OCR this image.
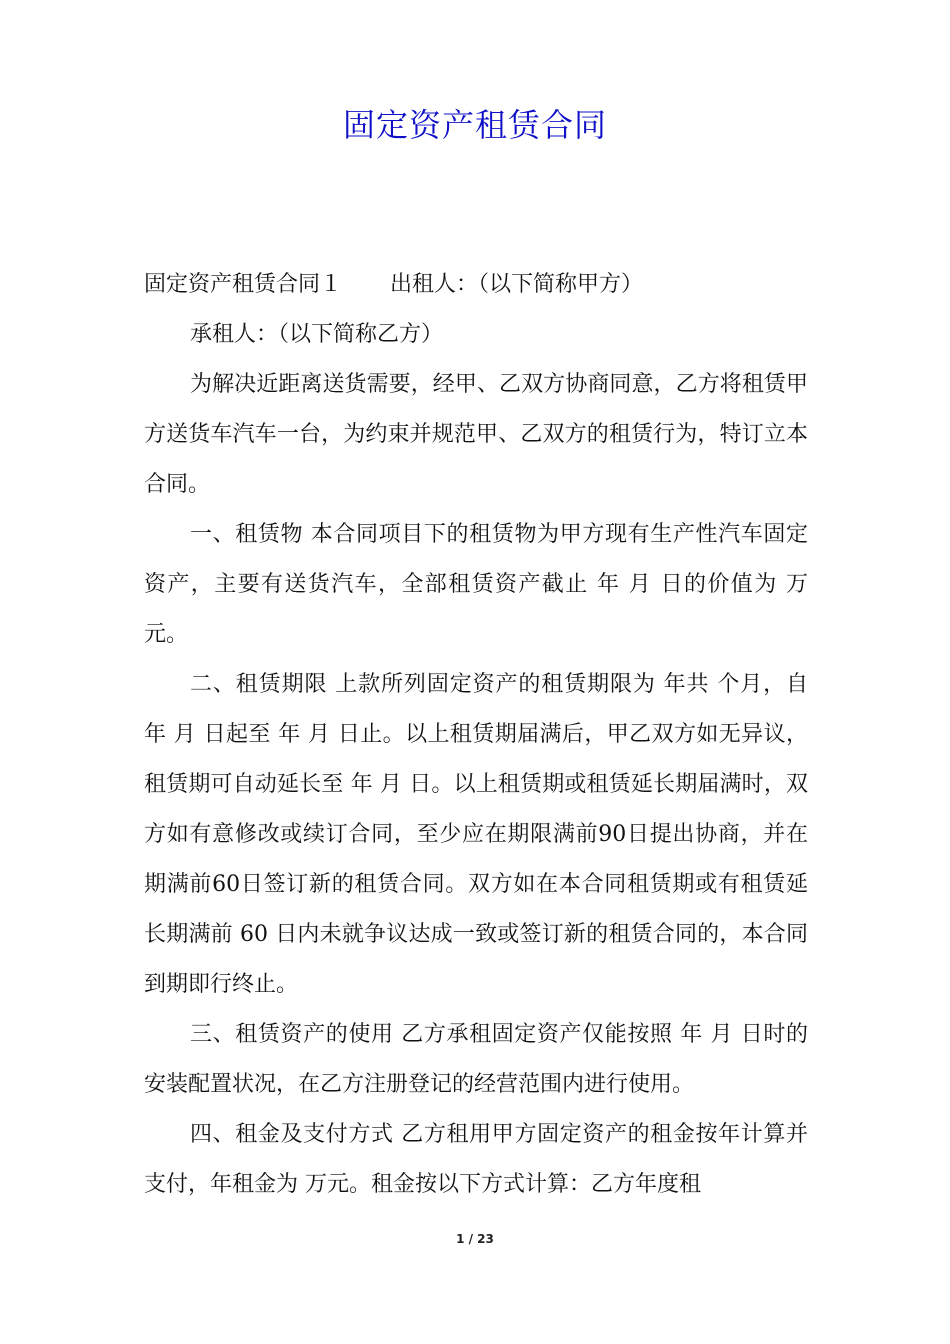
固定资产租赁合同

固定资产租赁合同１ 出租人：（以下简称甲方）

承租人：（以下简称乙方）

为解决近距离送货需要，经甲、乙双方协商同意，乙方将租赁甲方送货车汽车一台，为约束并规范甲、乙双方的租赁行为，特订立本合同。

一、租赁物 本合同项目下的租赁物为甲方现有生产性汽车固定资产，主要有送货汽车，全部租赁资产截止 年 月 日的价值为 万元。

二、租赁期限 上款所列固定资产的租赁期限为 年共 个月，自 年 月 日起至 年 月 日止。以上租赁期届满后，甲乙双方如无异议，租赁期可自动延长至 年 月 日。以上租赁期或租赁延长期届满时，双方如有意修改或续订合同，至少应在期限满前90日提出协商，并在期满前60日签订新的租赁合同。双方如在本合同租赁期或有租赁延长期满前 60 日内未就争议达成一致或签订新的租赁合同的，本合同到期即行终止。

三、租赁资产的使用 乙方承租固定资产仅能按照 年 月 日时的安装配置状况，在乙方注册登记的经营范围内进行使用。

四、租金及支付方式 乙方租用甲方固定资产的租金按年计算并支付，年租金为 万元。租金按以下方式计算：乙方年度租

1 / 23
